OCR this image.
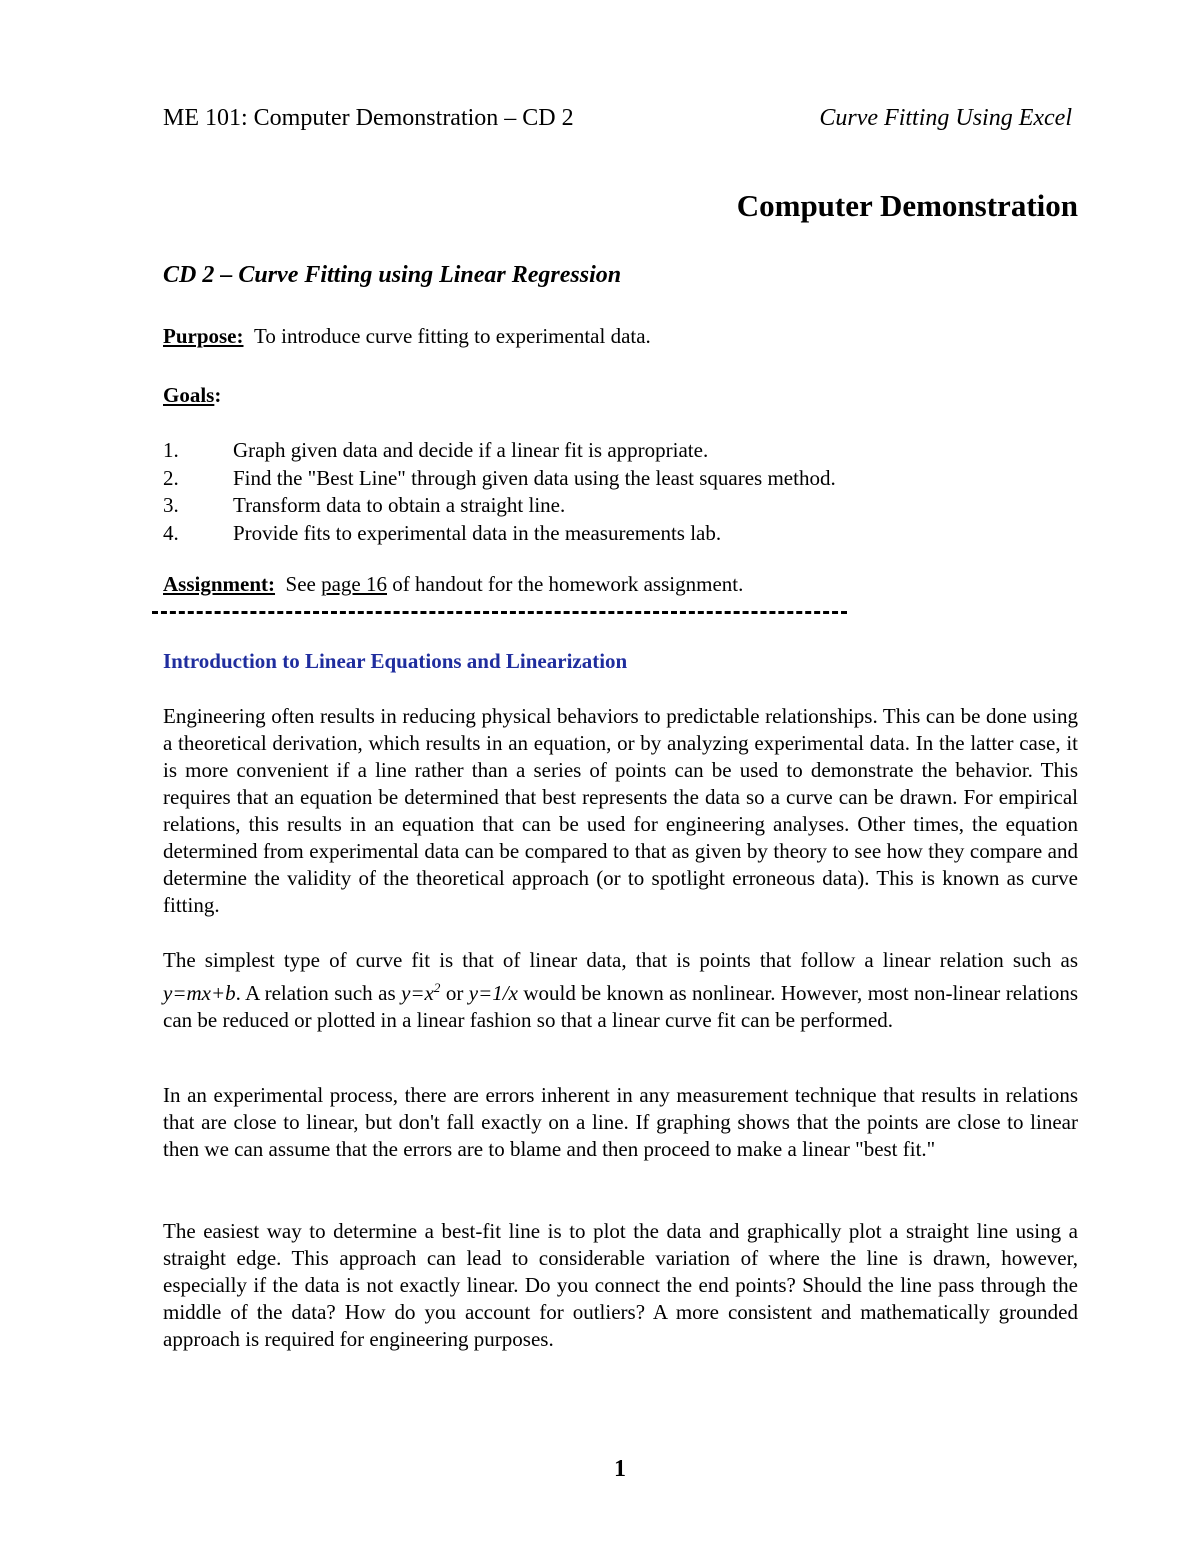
ME 101: Computer Demonstration – CD 2	Curve Fitting Using Excel
Computer Demonstration
CD 2 – Curve Fitting using Linear Regression
Purpose: To introduce curve fitting to experimental data.
Goals:
1.	Graph given data and decide if a linear fit is appropriate.
2.	Find the "Best Line" through given data using the least squares method.
3.	Transform data to obtain a straight line.
4.	Provide fits to experimental data in the measurements lab.
Assignment: See page 16 of handout for the homework assignment.
Introduction to Linear Equations and Linearization

Engineering often results in reducing physical behaviors to predictable relationships. This can be done using a theoretical derivation, which results in an equation, or by analyzing experimental data. In the latter case, it is more convenient if a line rather than a series of points can be used to demonstrate the behavior. This requires that an equation be determined that best represents the data so a curve can be drawn. For empirical relations, this results in an equation that can be used for engineering analyses. Other times, the equation determined from experimental data can be compared to that as given by theory to see how they compare and determine the validity of the theoretical approach (or to spotlight erroneous data). This is known as curve fitting.

The simplest type of curve fit is that of linear data, that is points that follow a linear relation such as y=mx+b. A relation such as $y=x^2$ or y=1/x would be known as nonlinear. However, most non-linear relations can be reduced or plotted in a linear fashion so that a linear curve fit can be performed.

In an experimental process, there are errors inherent in any measurement technique that results in relations that are close to linear, but don't fall exactly on a line. If graphing shows that the points are close to linear then we can assume that the errors are to blame and then proceed to make a linear "best fit."

The easiest way to determine a best-fit line is to plot the data and graphically plot a straight line using a straight edge. This approach can lead to considerable variation of where the line is drawn, however, especially if the data is not exactly linear. Do you connect the end points? Should the line pass through the middle of the data? How do you account for outliers? A more consistent and mathematically grounded approach is required for engineering purposes.

1
